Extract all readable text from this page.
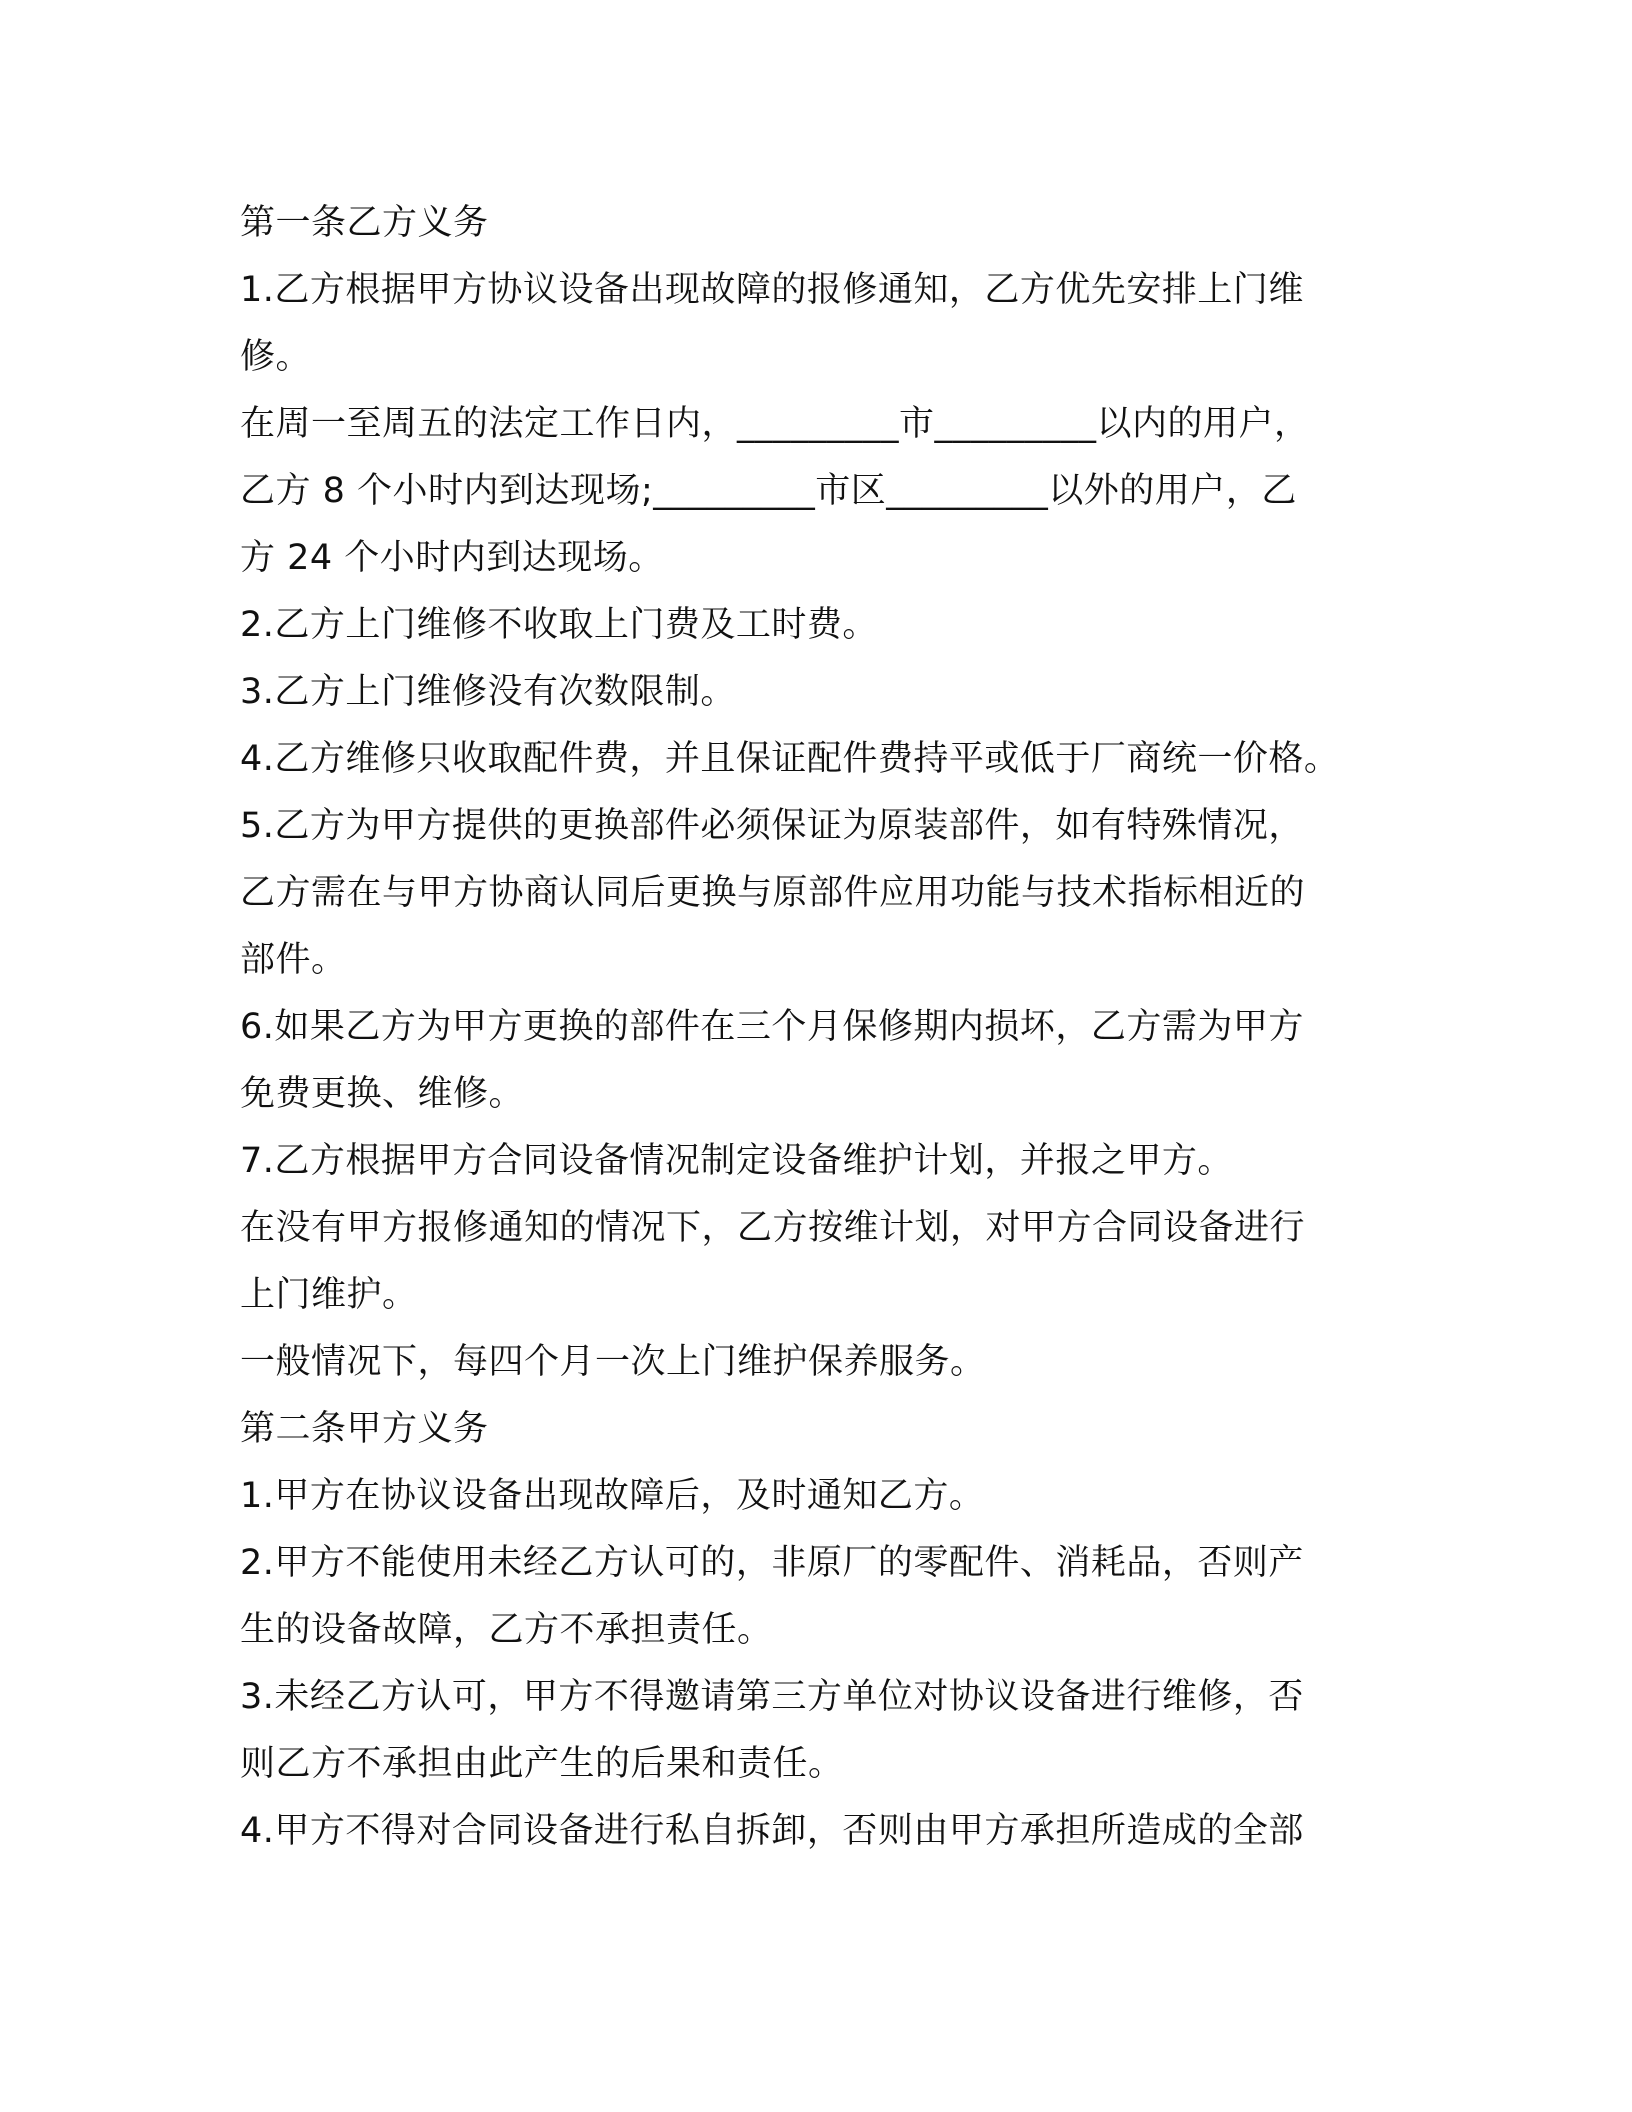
第一条乙方义务
1.乙方根据甲方协议设备出现故障的报修通知，乙方优先安排上门维
修。
在周一至周五的法定工作日内，_________市_________以内的用户，
乙方 8 个小时内到达现场;_________市区_________以外的用户，乙
方 24 个小时内到达现场。
2.乙方上门维修不收取上门费及工时费。
3.乙方上门维修没有次数限制。
4.乙方维修只收取配件费，并且保证配件费持平或低于厂商统一价格。
5.乙方为甲方提供的更换部件必须保证为原装部件，如有特殊情况，
乙方需在与甲方协商认同后更换与原部件应用功能与技术指标相近的
部件。
6.如果乙方为甲方更换的部件在三个月保修期内损坏，乙方需为甲方
免费更换、维修。
7.乙方根据甲方合同设备情况制定设备维护计划，并报之甲方。
在没有甲方报修通知的情况下，乙方按维计划，对甲方合同设备进行
上门维护。
一般情况下，每四个月一次上门维护保养服务。
第二条甲方义务
1.甲方在协议设备出现故障后，及时通知乙方。
2.甲方不能使用未经乙方认可的，非原厂的零配件、消耗品，否则产
生的设备故障，乙方不承担责任。
3.未经乙方认可，甲方不得邀请第三方单位对协议设备进行维修，否
则乙方不承担由此产生的后果和责任。
4.甲方不得对合同设备进行私自拆卸，否则由甲方承担所造成的全部
